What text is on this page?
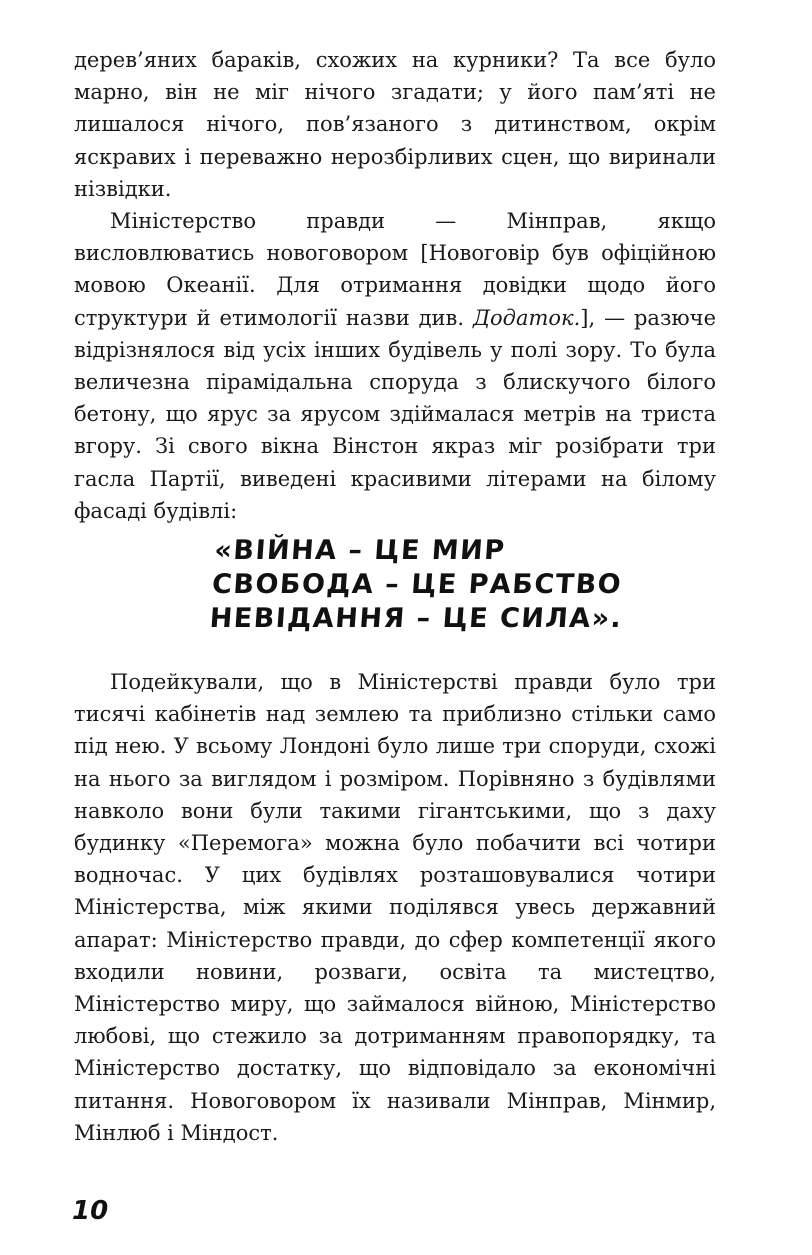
дерев’яних бараків, схожих на курники? Та все було марно, він не міг нічого згадати; у його пам’яті не лишалося нічого, пов’язаного з дитинством, окрім яскравих і переважно нерозбірливих сцен, що виринали нізвідки.

Міністерство правди — Мінправ, якщо висловлюватись новоговором [Новоговір був офіційною мовою Океанії. Для отримання довідки щодо його структури й етимології назви див. Додаток.], — разюче відрізнялося від усіх інших будівель у полі зору. То була величезна пірамідальна споруда з блискучого білого бетону, що ярус за ярусом здіймалася метрів на триста вгору. Зі свого вікна Вінстон якраз міг розібрати три гасла Партії, виведені красивими літерами на білому фасаді будівлі:

«ВІЙНА – ЦЕ МИР
СВОБОДА – ЦЕ РАБСТВО
НЕВІДАННЯ – ЦЕ СИЛА».

Подейкували, що в Міністерстві правди було три тисячі кабінетів над землею та приблизно стільки само під нею. У всьому Лондоні було лише три споруди, схожі на нього за виглядом і розміром. Порівняно з будівлями навколо вони були такими гігантськими, що з даху будинку «Перемога» можна було побачити всі чотири водночас. У цих будівлях розташовувалися чотири Міністерства, між якими поділявся увесь державний апарат: Міністерство правди, до сфер компетенції якого входили новини, розваги, освіта та мистецтво, Міністерство миру, що займалося війною, Міністерство любові, що стежило за дотриманням правопорядку, та Міністерство достатку, що відповідало за економічні питання. Новоговором їх називали Мінправ, Мінмир, Мінлюб і Міндост.

10
